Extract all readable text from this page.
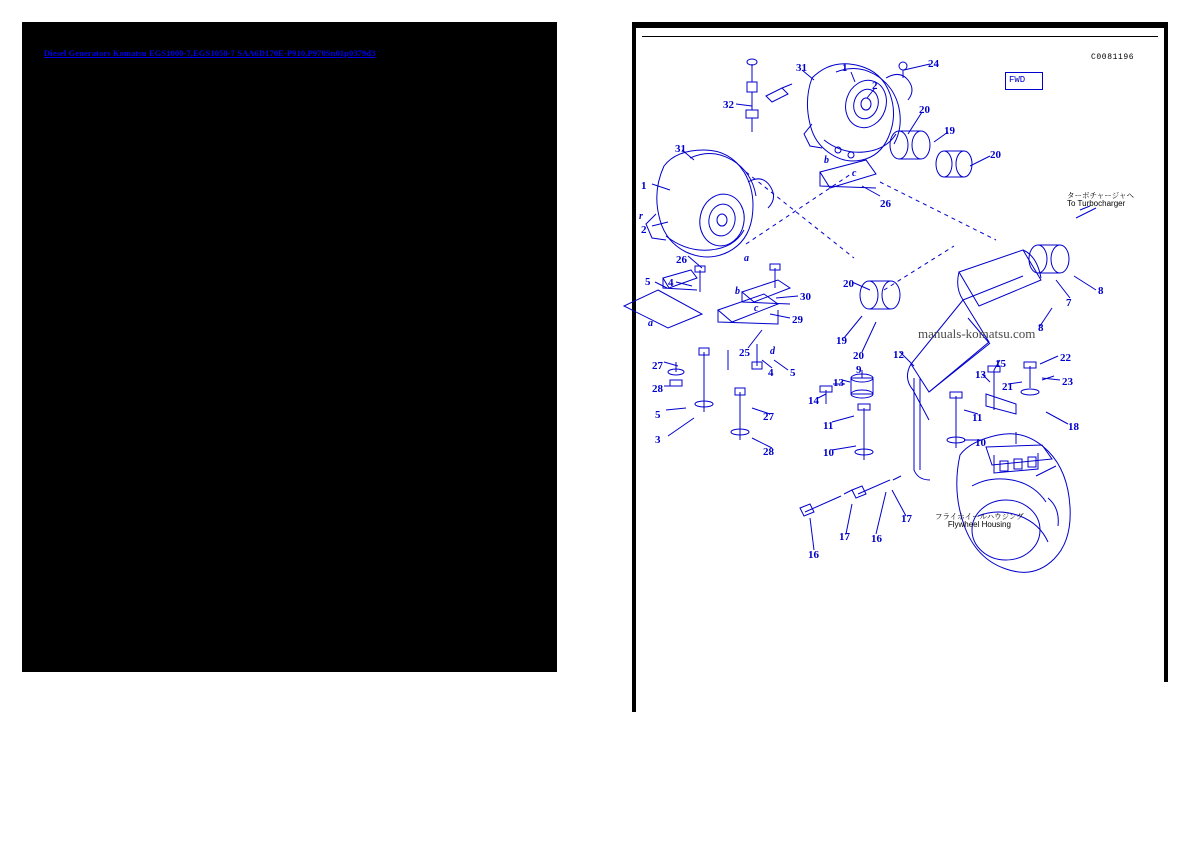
Diesel Generators Komatsu EGS1000-7,EGS1050-7 SAA6D170E-P910,P970Sn01p0379d3	C0081196
FWD
ターボチャージャへ
To Turbocharger
フライホイールハウジング
Flywheel Housing
manuals-komatsu.com
24
31	1
2
32	20
19
20
31
1
2
26
26
20
5 4
30
29
19
20
25
5
4
27
28
5	27
3
28
7
8
8
12
15	22
13
13
21	23
9
14
11
18
11
10
10
17
17 16
16
a
b
c
d
a
r
b
c
